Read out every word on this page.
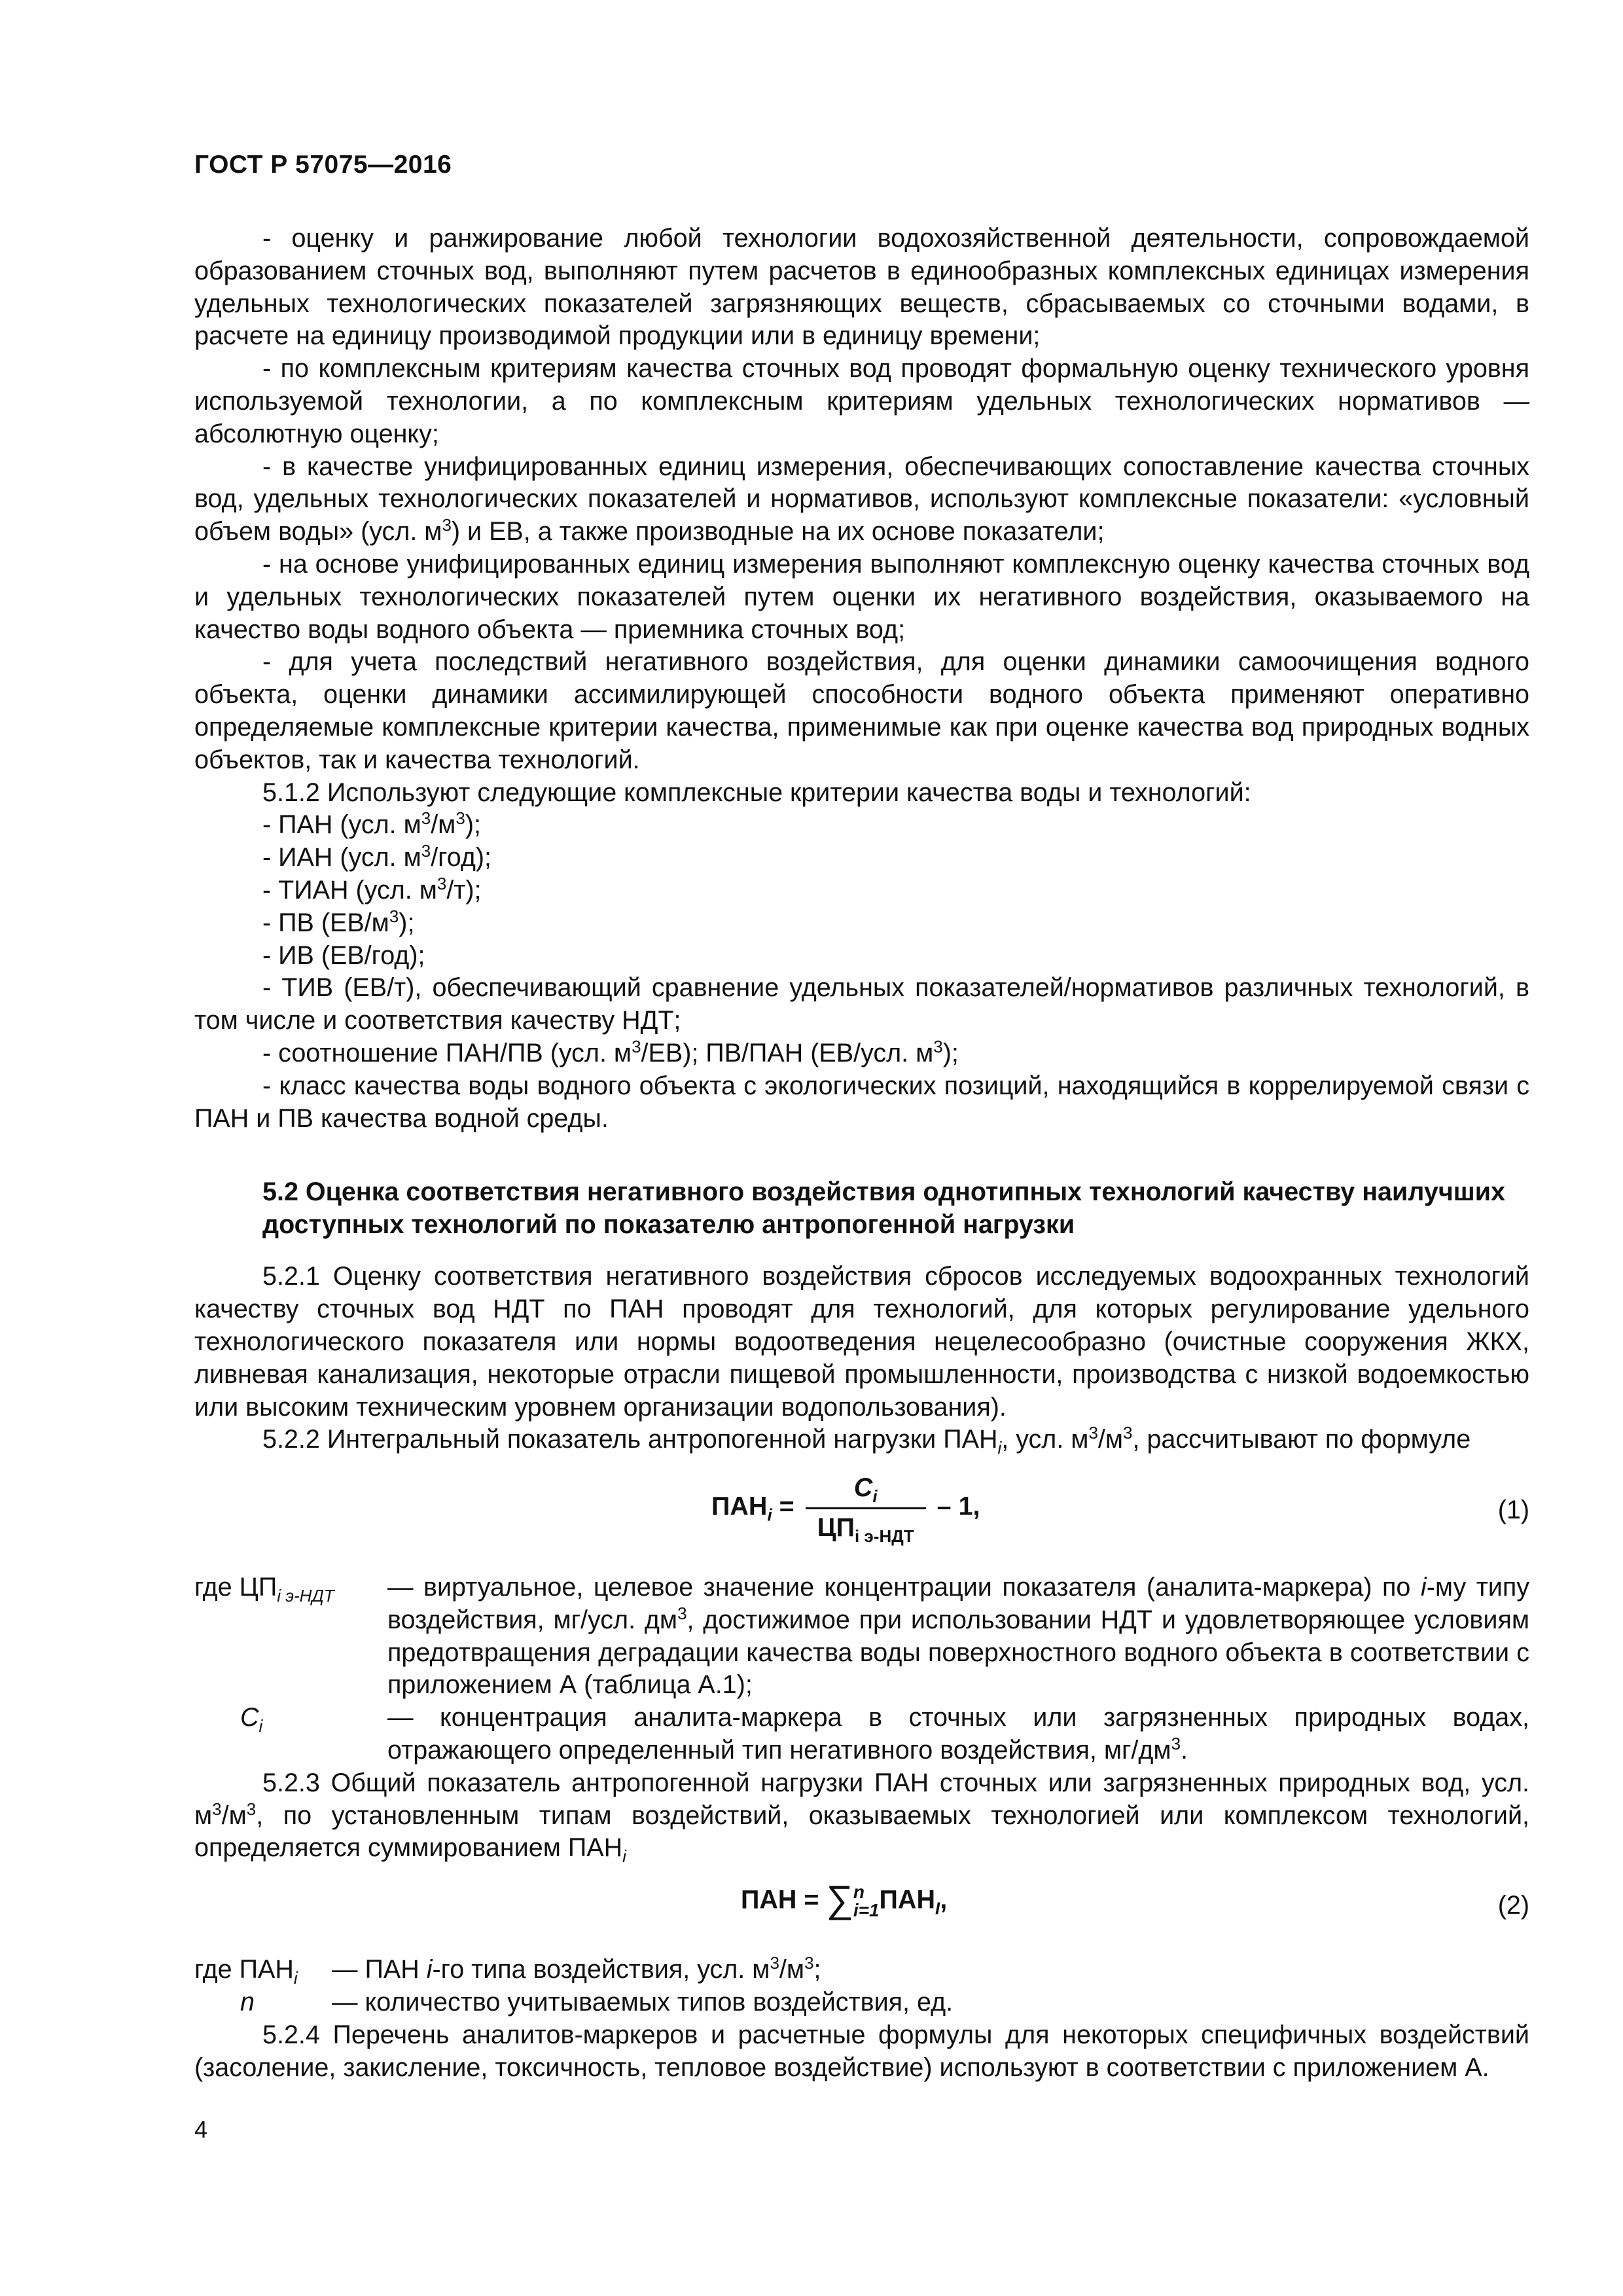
ГОСТ Р 57075—2016

- оценку и ранжирование любой технологии водохозяйственной деятельности, сопровождаемой образованием сточных вод, выполняют путем расчетов в единообразных комплексных единицах измерения удельных технологических показателей загрязняющих веществ, сбрасываемых со сточными водами, в расчете на единицу производимой продукции или в единицу времени;

- по комплексным критериям качества сточных вод проводят формальную оценку технического уровня используемой технологии, а по комплексным критериям удельных технологических нормативов — абсолютную оценку;

- в качестве унифицированных единиц измерения, обеспечивающих сопоставление качества сточных вод, удельных технологических показателей и нормативов, используют комплексные показатели: «условный объем воды» (усл. $м^3$) и ЕВ, а также производные на их основе показатели;

- на основе унифицированных единиц измерения выполняют комплексную оценку качества сточных вод и удельных технологических показателей путем оценки их негативного воздействия, оказываемого на качество воды водного объекта — приемника сточных вод;

- для учета последствий негативного воздействия, для оценки динамики самоочищения водного объекта, оценки динамики ассимилирующей способности водного объекта применяют оперативно определяемые комплексные критерии качества, применимые как при оценке качества вод природных водных объектов, так и качества технологий.

5.1.2 Используют следующие комплексные критерии качества воды и технологий:

- ПАН (усл. $м^3/м^3$);

- ИАН (усл. $м^3/год$);

- ТИАН (усл. $м^3/т$);

- ПВ $(ЕВ/м^3)$;

- ИВ (ЕВ/год);

- ТИВ (ЕВ/т), обеспечивающий сравнение удельных показателей/нормативов различных технологий, в том числе и соответствия качеству НДТ;

- соотношение ПАН/ПВ (усл. $м^3/ЕВ$); ПВ/ПАН (ЕВ/усл. $м^3$);

- класс качества воды водного объекта с экологических позиций, находящийся в коррелируемой связи с ПАН и ПВ качества водной среды.

5.2 Оценка соответствия негативного воздействия однотипных технологий качеству наилучших доступных технологий по показателю антропогенной нагрузки

5.2.1 Оценку соответствия негативного воздействия сбросов исследуемых водоохранных технологий качеству сточных вод НДТ по ПАН проводят для технологий, для которых регулирование удельного технологического показателя или нормы водоотведения нецелесообразно (очистные сооружения ЖКХ, ливневая канализация, некоторые отрасли пищевой промышленности, производства с низкой водоемкостью или высоким техническим уровнем организации водопользования).

5.2.2 Интегральный показатель антропогенной нагрузки $ПАН_i$, усл. $м^3/м^3$, рассчитывают по формуле

$ПАН_i = \frac{C_i}{ЦП_{i э-НДТ}} - 1$,	(1)
где $ЦП_{i э-НДТ}$ — виртуальное, целевое значение концентрации показателя (аналита-маркера) по i-му типу воздействия, мг/усл. $дм^3$, достижимое при использовании НДТ и удовлетворяющее условиям предотвращения деградации качества воды поверхностного водного объекта в соответствии с приложением А (таблица А.1);
$C_i$	— концентрация аналита-маркера в сточных или загрязненных природных водах, отражающего определенный тип негативного воздействия, $мг/дм^3$.

5.2.3 Общий показатель антропогенной нагрузки ПАН сточных или загрязненных природных вод, усл. $м^3/м^3$, по установленным типам воздействий, оказываемых технологией или комплексом технологий, определяется суммированием $ПАН_i$

ПАН = ∑n
$i=1ПАН_I$,	(2)
где $ПАН_i$ — ПАН i-го типа воздействия, усл. $м^3/м^3$;
n	— количество учитываемых типов воздействия, ед.

5.2.4 Перечень аналитов-маркеров и расчетные формулы для некоторых специфичных воздействий (засоление, закисление, токсичность, тепловое воздействие) используют в соответствии с приложением А.

4
